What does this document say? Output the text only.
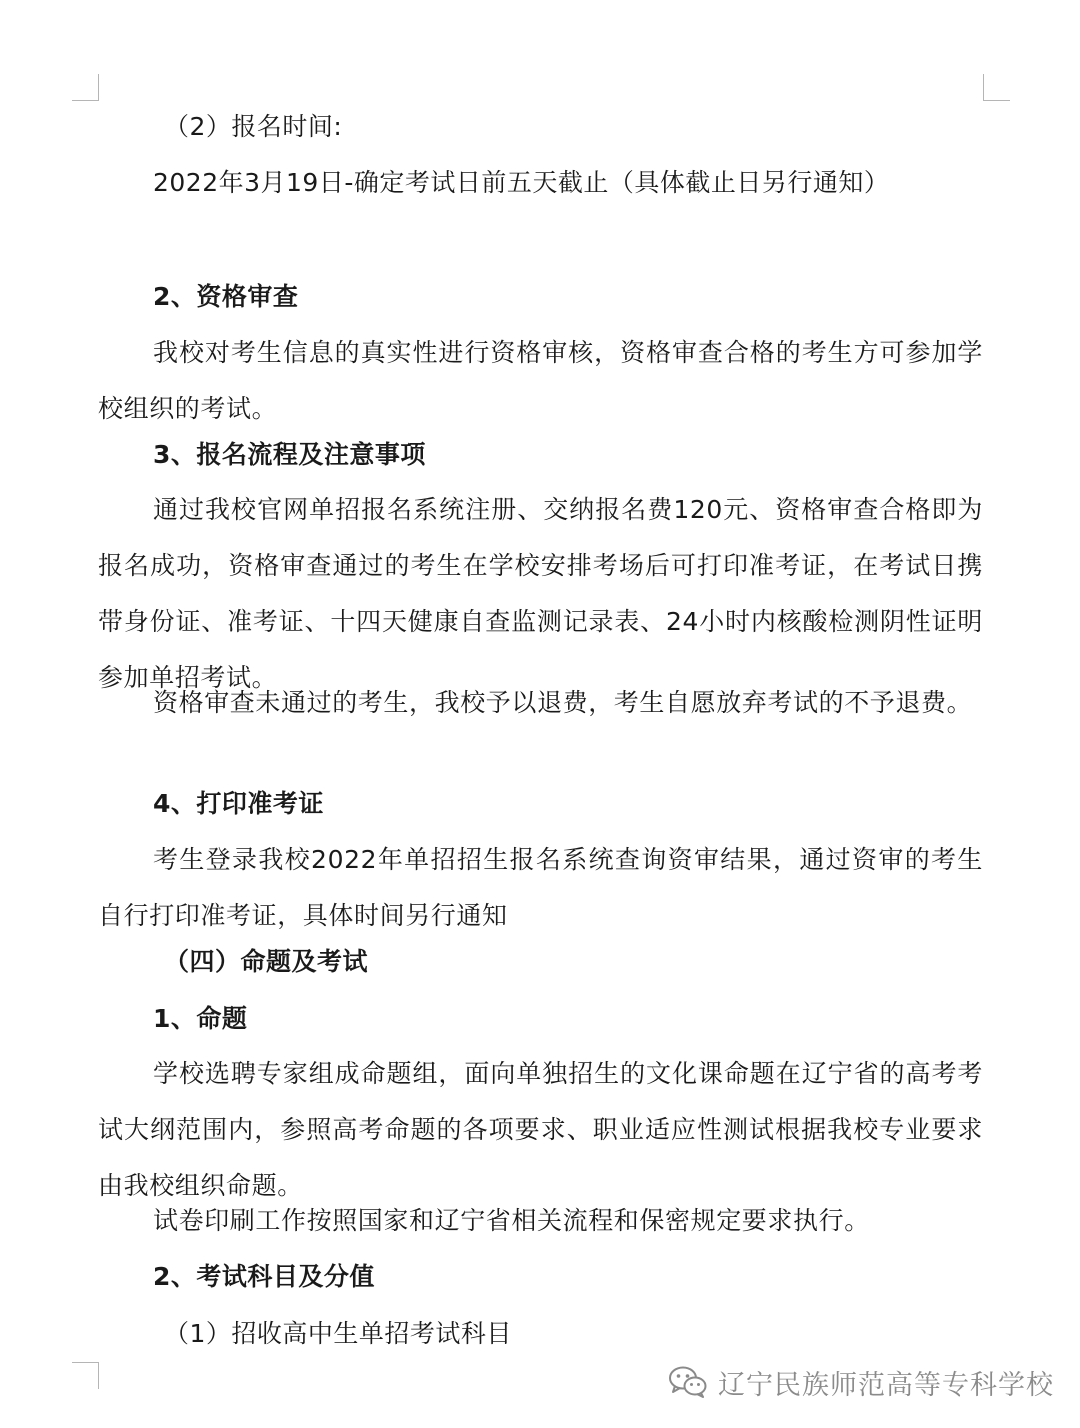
（2）报名时间:
2022年3月19日-确定考试日前五天截止（具体截止日另行通知）
2、资格审查
我校对考生信息的真实性进行资格审核，资格审查合格的考生方可参加学校组织的考试。
3、报名流程及注意事项
通过我校官网单招报名系统注册、交纳报名费120元、资格审查合格即为报名成功，资格审查通过的考生在学校安排考场后可打印准考证，在考试日携带身份证、准考证、十四天健康自查监测记录表、24小时内核酸检测阴性证明参加单招考试。
资格审查未通过的考生，我校予以退费，考生自愿放弃考试的不予退费。
4、打印准考证
考生登录我校2022年单招招生报名系统查询资审结果，通过资审的考生自行打印准考证，具体时间另行通知
（四）命题及考试
1、命题
学校选聘专家组成命题组，面向单独招生的文化课命题在辽宁省的高考考试大纲范围内，参照高考命题的各项要求、职业适应性测试根据我校专业要求由我校组织命题。
试卷印刷工作按照国家和辽宁省相关流程和保密规定要求执行。
2、考试科目及分值
（1）招收高中生单招考试科目
辽宁民族师范高等专科学校
